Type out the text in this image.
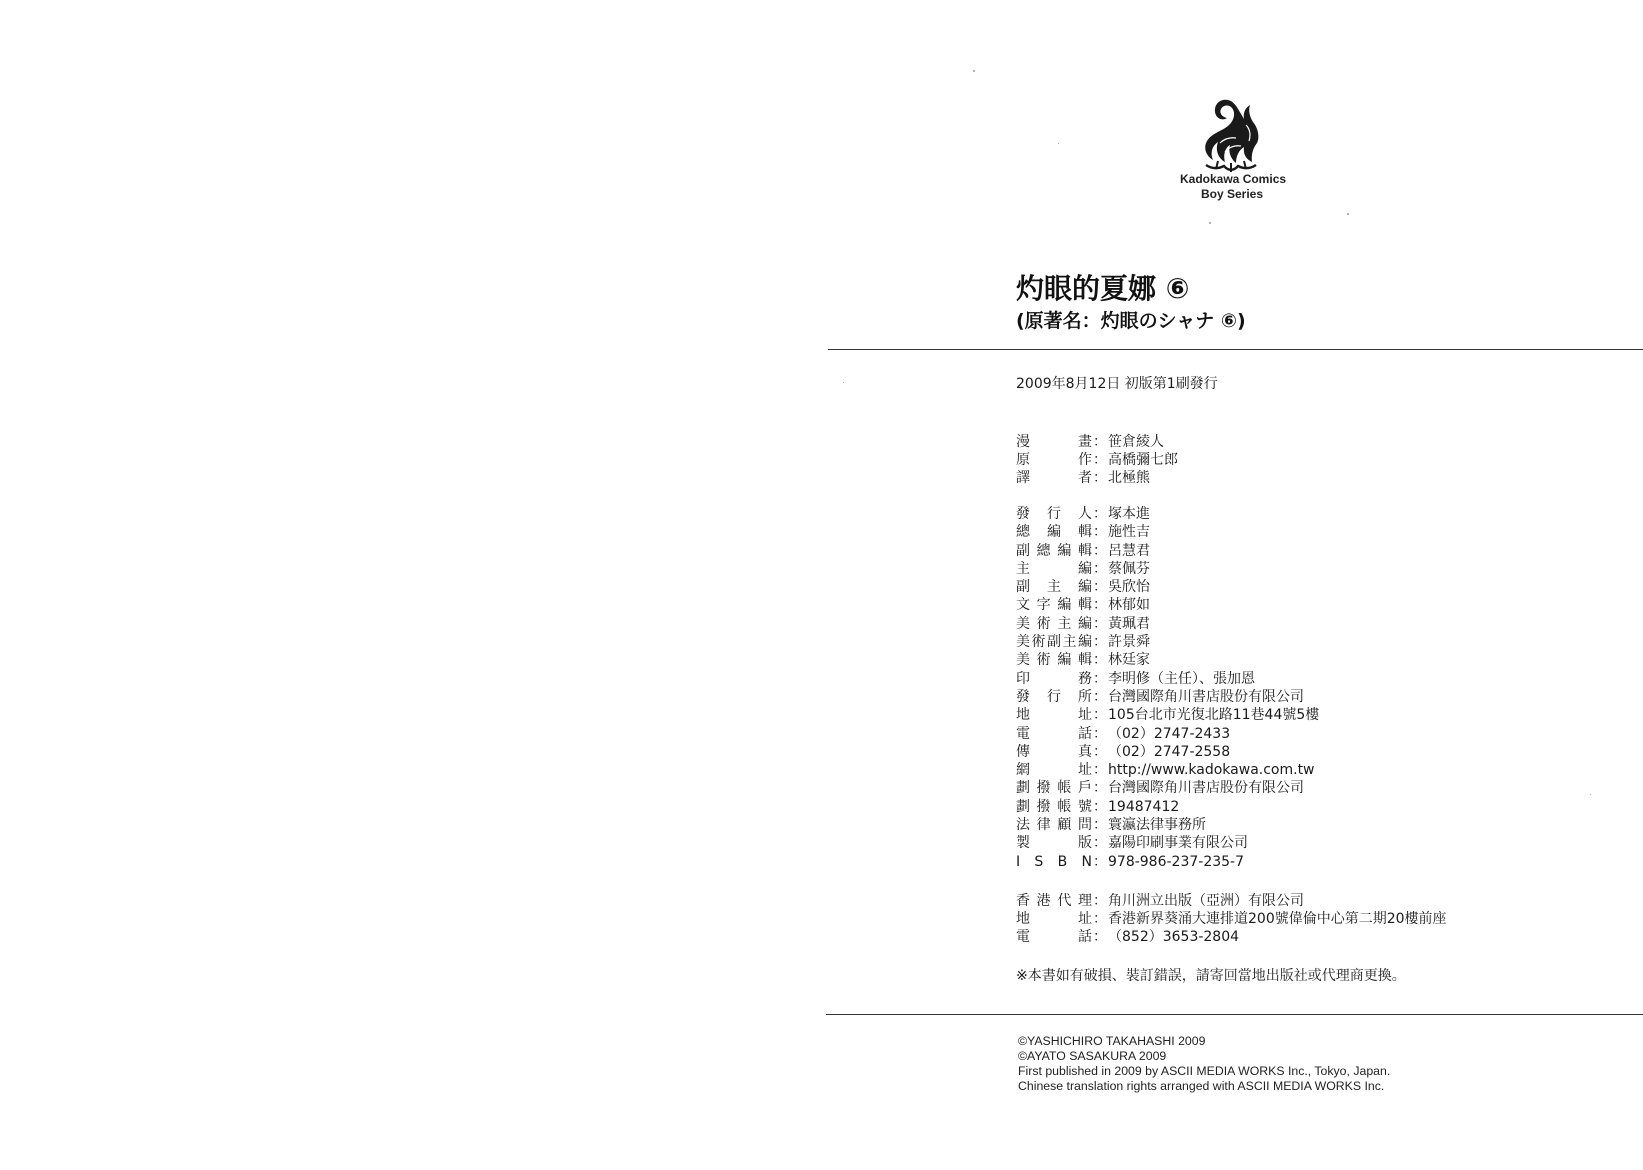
Kadokawa Comics
Boy Series
灼眼的夏娜 ⑥
(原著名：灼眼のシャナ ⑥)
2009年8月12日 初版第1刷發行
漫	畫 ： 笹倉綾人
原	作 ： 高橋彌七郎
譯	者 ： 北極熊
發 行 人 ： 塚本進
總 編 輯 ： 施性吉
副 總 編 輯 ： 呂慧君
主	編 ： 蔡佩芬
副 主 編 ： 吳欣怡
文 字 編 輯 ： 林郁如
美 術 主 編 ： 黃珮君
美 術 副 主 編 ： 許景舜
美 術 編 輯 ： 林廷家
印	務 ： 李明修（主任）、張加恩
發 行 所 ： 台灣國際角川書店股份有限公司
地	址 ： 105台北市光復北路11巷44號5樓
電	話 ： （02）2747-2433
傳	真 ： （02）2747-2558
網	址 ： http://www.kadokawa.com.tw
劃 撥 帳 戶 ： 台灣國際角川書店股份有限公司
劃 撥 帳 號 ： 19487412
法 律 顧 問 ： 寰瀛法律事務所
製	版 ： 嘉陽印刷事業有限公司
I S B N ： 978-986-237-235-7
香 港 代 理 ： 角川洲立出版（亞洲）有限公司
地	址 ： 香港新界葵涌大連排道200號偉倫中心第二期20樓前座
電	話 ： （852）3653-2804
※本書如有破損、裝訂錯誤，請寄回當地出版社或代理商更換。
©YASHICHIRO TAKAHASHI 2009
©AYATO SASAKURA 2009
First published in 2009 by ASCII MEDIA WORKS Inc., Tokyo, Japan.
Chinese translation rights arranged with ASCII MEDIA WORKS Inc.
